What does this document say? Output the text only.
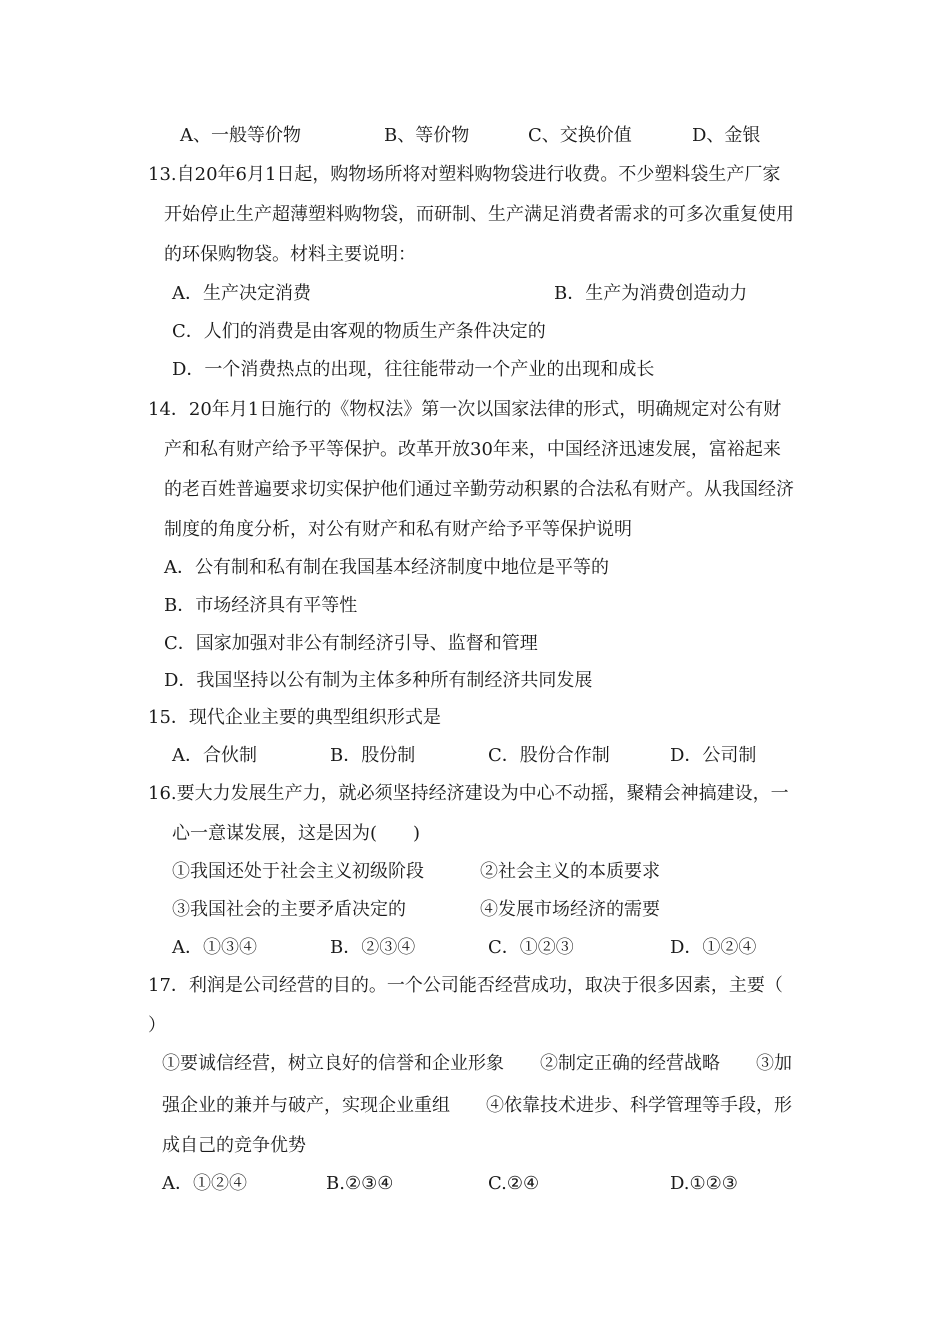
A、一般等价物	B、等价物	C、交换价值	D、金银
13.自20年6月1日起，购物场所将对塑料购物袋进行收费。不少塑料袋生产厂家
开始停止生产超薄塑料购物袋，而研制、生产满足消费者需求的可多次重复使用
的环保购物袋。材料主要说明：
A．生产决定消费	B．生产为消费创造动力
C．人们的消费是由客观的物质生产条件决定的
D．一个消费热点的出现，往往能带动一个产业的出现和成长
14．20年月1日施行的《物权法》第一次以国家法律的形式，明确规定对公有财
产和私有财产给予平等保护。改革开放30年来，中国经济迅速发展，富裕起来
的老百姓普遍要求切实保护他们通过辛勤劳动积累的合法私有财产。从我国经济
制度的角度分析，对公有财产和私有财产给予平等保护说明
A．公有制和私有制在我国基本经济制度中地位是平等的
B．市场经济具有平等性
C．国家加强对非公有制经济引导、监督和管理
D．我国坚持以公有制为主体多种所有制经济共同发展
15．现代企业主要的典型组织形式是
A．合伙制	B．股份制	C．股份合作制	D．公司制
16.要大力发展生产力，就必须坚持经济建设为中心不动摇，聚精会神搞建设，一
心一意谋发展，这是因为(　　)
①我国还处于社会主义初级阶段	②社会主义的本质要求
③我国社会的主要矛盾决定的	④发展市场经济的需要
A．①③④	B．②③④	C．①②③	D．①②④
17．利润是公司经营的目的。一个公司能否经营成功，取决于很多因素，主要（
）
①要诚信经营，树立良好的信誉和企业形象　　②制定正确的经营战略　　③加
强企业的兼并与破产，实现企业重组　　④依靠技术进步、科学管理等手段，形
成自己的竞争优势
A．①②④	B.②③④	C.②④	D.①②③
